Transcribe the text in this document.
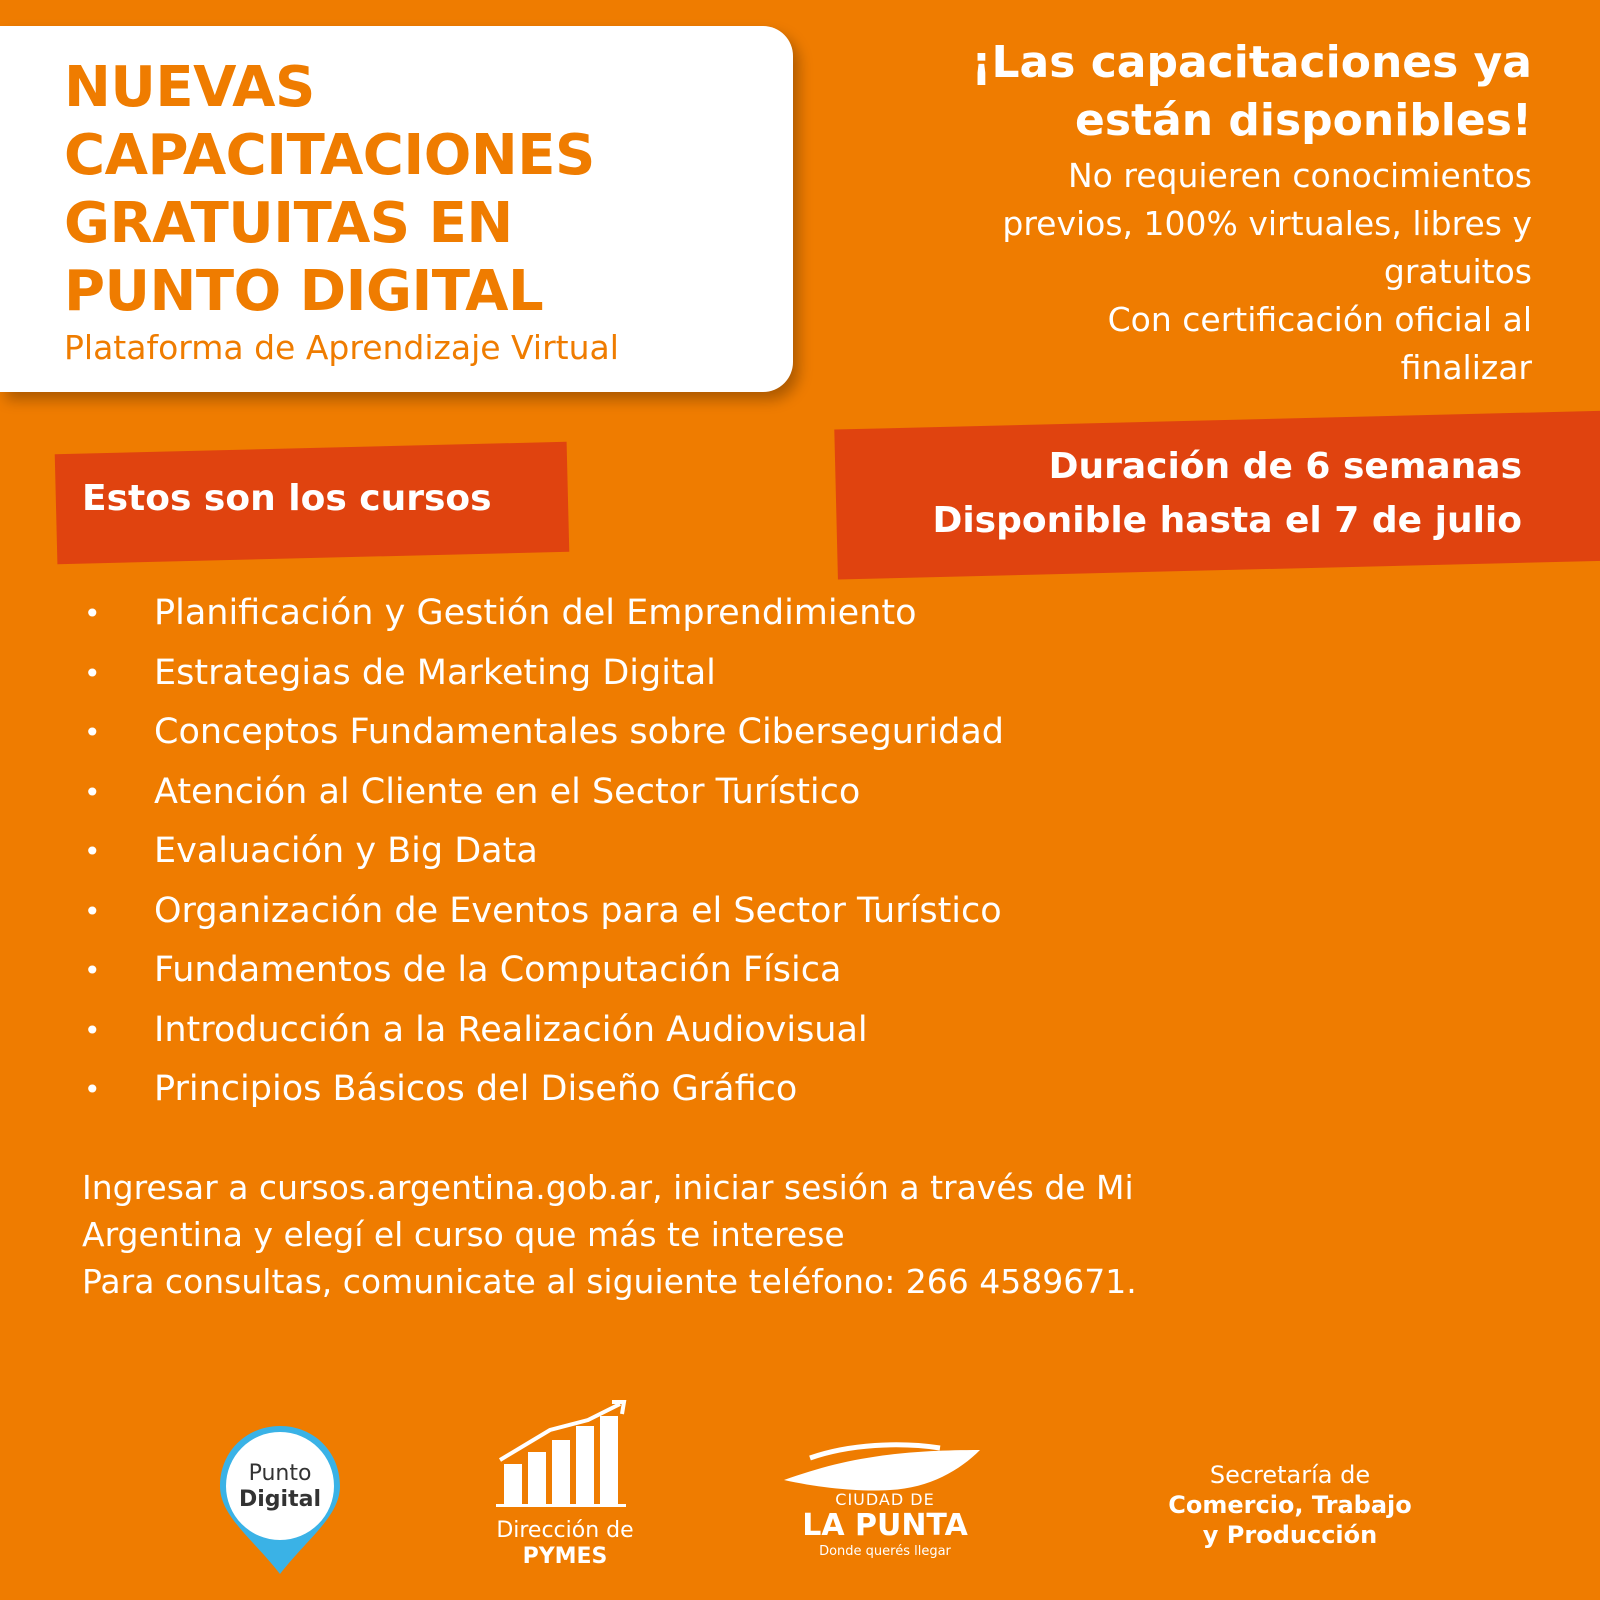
NUEVAS
CAPACITACIONES
GRATUITAS EN
PUNTO DIGITAL
Plataforma de Aprendizaje Virtual
¡Las capacitaciones ya
están disponibles!
No requieren conocimientos
previos, 100% virtuales, libres y
gratuitos
Con certificación oficial al
finalizar
Estos son los cursos
Duración de 6 semanas
Disponible hasta el 7 de julio
• Planificación y Gestión del Emprendimiento
• Estrategias de Marketing Digital
• Conceptos Fundamentales sobre Ciberseguridad
• Atención al Cliente en el Sector Turístico
• Evaluación y Big Data
• Organización de Eventos para el Sector Turístico
• Fundamentos de la Computación Física
• Introducción a la Realización Audiovisual
• Principios Básicos del Diseño Gráfico
Ingresar a cursos.argentina.gob.ar, iniciar sesión a través de Mi
Argentina y elegí el curso que más te interese
Para consultas, comunicate al siguiente teléfono: 266 4589671.
Punto
Digital
Dirección de
PYMES
CIUDAD DE
LA PUNTA
Donde querés llegar
Secretaría de
Comercio, Trabajo
y Producción
